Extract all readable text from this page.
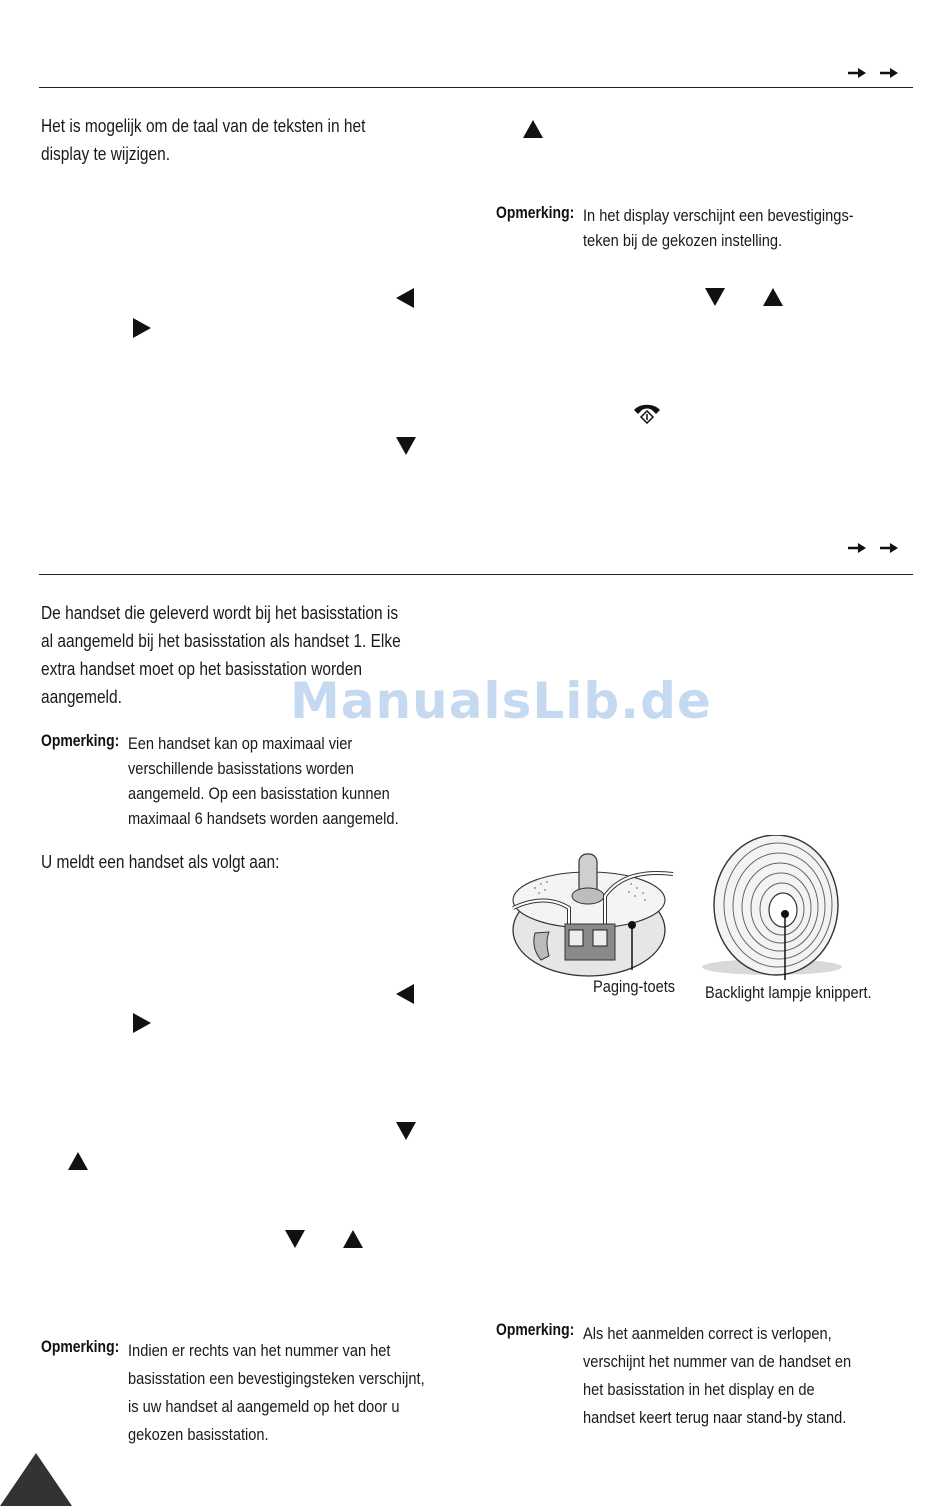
Het is mogelijk om de taal van de teksten in het
display te wijzigen.
Opmerking: In het display verschijnt een bevestigings-
teken bij de gekozen instelling.
De handset die geleverd wordt bij het basisstation is
al aangemeld bij het basisstation als handset 1. Elke
extra handset moet op het basisstation worden
aangemeld.	ManualsLib.de
Opmerking: Een handset kan op maximaal vier
verschillende basisstations worden
aangemeld. Op een basisstation kunnen
maximaal 6 handsets worden aangemeld.
U meldt een handset als volgt aan:
Opmerking: Indien er rechts van het nummer van het
basisstation een bevestigingsteken verschijnt,
is uw handset al aangemeld op het door u
gekozen basisstation.
Paging-toets Backlight lampje knippert.
Opmerking: Als het aanmelden correct is verlopen,
verschijnt het nummer van de handset en
het basisstation in het display en de
handset keert terug naar stand-by stand.
